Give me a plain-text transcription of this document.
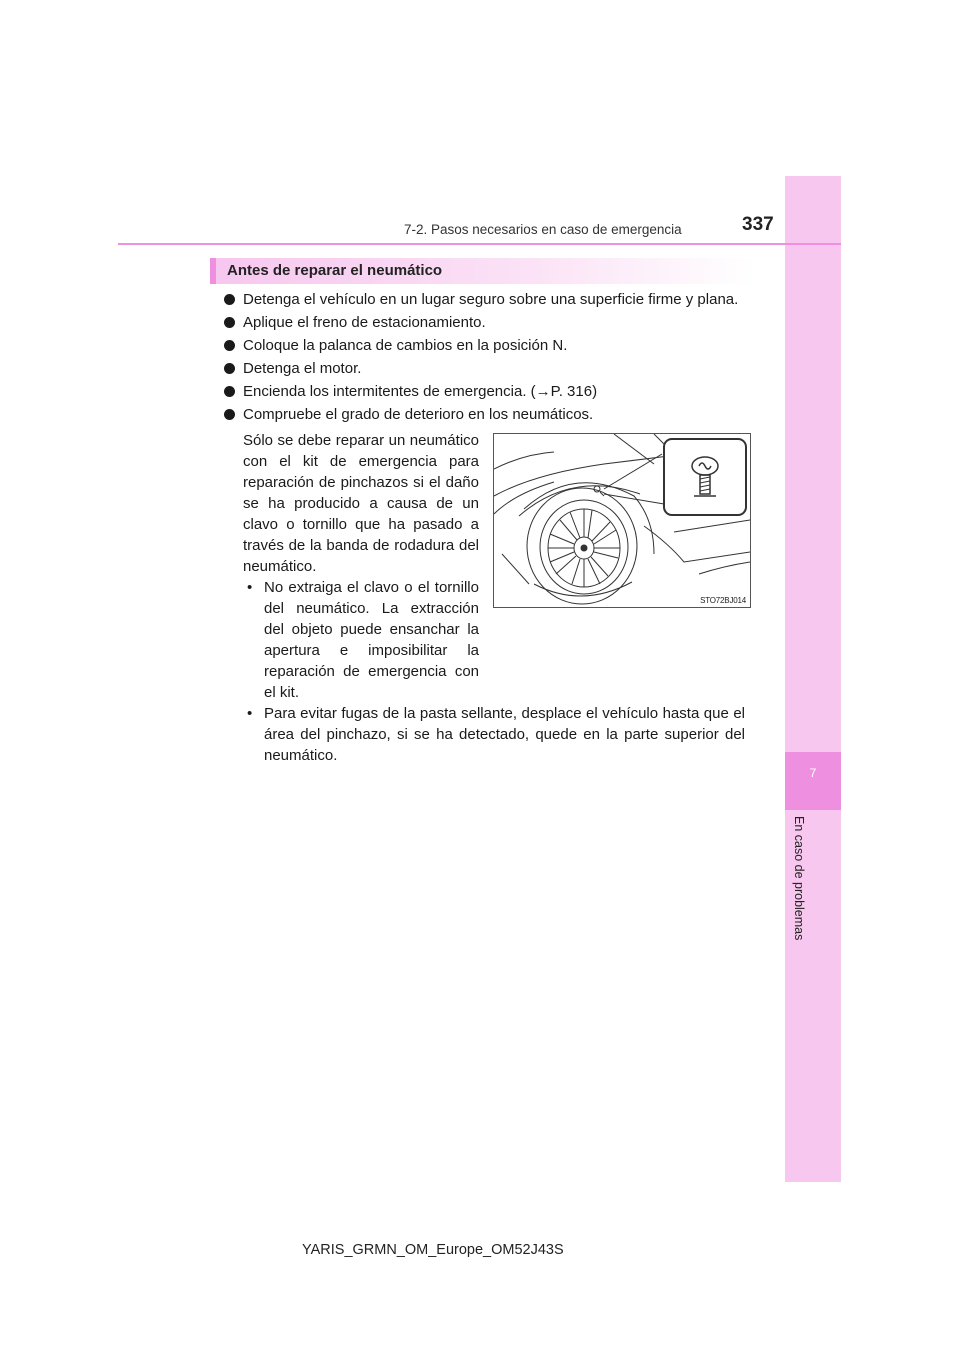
7
En caso de problemas
7-2. Pasos necesarios en caso de emergencia	337
Antes de reparar el neumático
Detenga el vehículo en un lugar seguro sobre una superficie firme y plana.
Aplique el freno de estacionamiento.
Coloque la palanca de cambios en la posición N.
Detenga el motor.
Encienda los intermitentes de emergencia. (→P. 316)
Compruebe el grado de deterioro en los neumáticos.
Sólo se debe reparar un neumático con el kit de emergencia para reparación de pinchazos si el daño se ha producido a causa de un clavo o tornillo que ha pasado a través de la banda de rodadura del neumático.
• No extraiga el clavo o el tornillo del neumático. La extracción del objeto puede ensanchar la apertura e imposibilitar la reparación de emergencia con el kit.
• Para evitar fugas de la pasta sellante, desplace el vehículo hasta que el área del pinchazo, si se ha detectado, quede en la parte superior del neumático.
STO72BJ014
YARIS_GRMN_OM_Europe_OM52J43S
